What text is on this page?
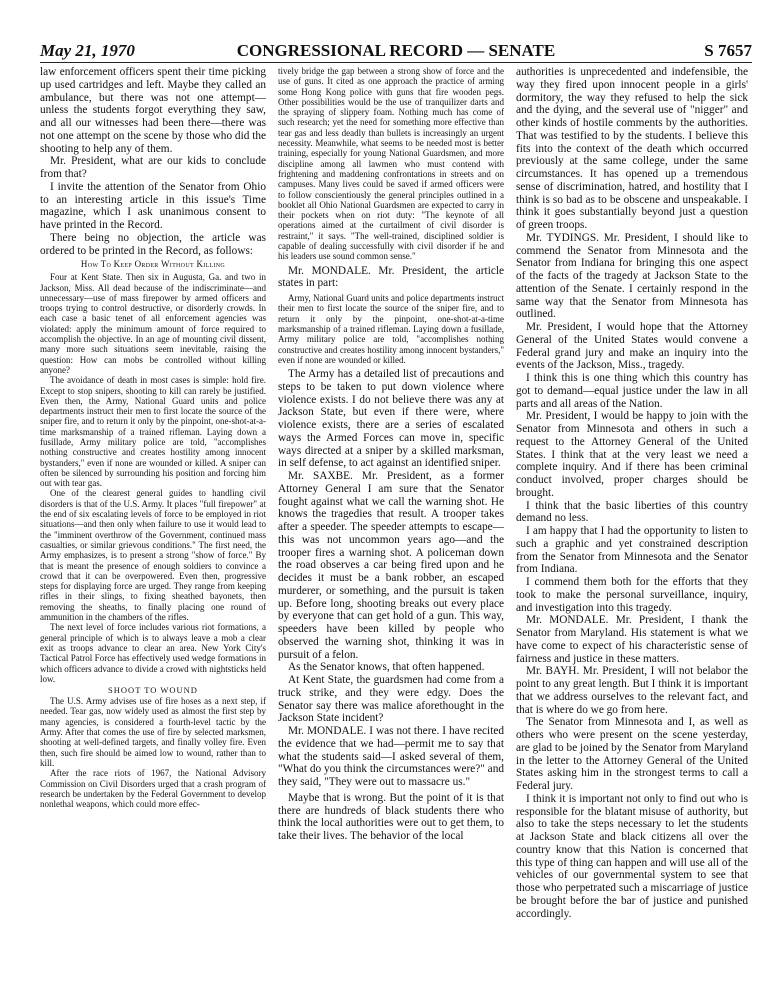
May 21, 1970	CONGRESSIONAL RECORD — SENATE	S 7657

law enforcement officers spent their time picking up used cartridges and left. Maybe they called an ambulance, but there was not one attempt—unless the students forgot everything they saw, and all our witnesses had been there—there was not one attempt on the scene by those who did the shooting to help any of them.

Mr. President, what are our kids to conclude from that?

I invite the attention of the Senator from Ohio to an interesting article in this issue's Time magazine, which I ask unanimous consent to have printed in the Record.

There being no objection, the article was ordered to be printed in the Record, as follows:

How To Keep Order Without Killing

Four at Kent State. Then six in Augusta, Ga. and two in Jackson, Miss. All dead because of the indiscriminate—and unnecessary—use of mass firepower by armed officers and troops trying to control destructive, or disorderly crowds. In each case a basic tenet of all enforcement agencies was violated: apply the minimum amount of force required to accomplish the objective. In an age of mounting civil dissent, many more such situations seem inevitable, raising the question: How can mobs be controlled without killing anyone?

The avoidance of death in most cases is simple: hold fire. Except to stop snipers, shooting to kill can rarely be justified. Even then, the Army, National Guard units and police departments instruct their men to first locate the source of the sniper fire, and to return it only by the pinpoint, one-shot-at-a-time marksmanship of a trained rifleman. Laying down a fusillade, Army military police are told, "accomplishes nothing constructive and creates hostility among innocent bystanders," even if none are wounded or killed. A sniper can often be silenced by surrounding his position and forcing him out with tear gas.

One of the clearest general guides to handling civil disorders is that of the U.S. Army. It places "full firepower" at the end of six escalating levels of force to be employed in riot situations—and then only when failure to use it would lead to the "imminent overthrow of the Government, continued mass casualties, or similar grievous conditions." The first need, the Army emphasizes, is to present a strong "show of force." By that is meant the presence of enough soldiers to convince a crowd that it can be overpowered. Even then, progressive steps for displaying force are urged. They range from keeping rifles in their slings, to fixing sheathed bayonets, then removing the sheaths, to finally placing one round of ammunition in the chambers of the rifles.

The next level of force includes various riot formations, a general principle of which is to always leave a mob a clear exit as troops advance to clear an area. New York City's Tactical Patrol Force has effectively used wedge formations in which officers advance to divide a crowd with nightsticks held low.

SHOOT TO WOUND

The U.S. Army advises use of fire hoses as a next step, if needed. Tear gas, now widely used as almost the first step by many agencies, is considered a fourth-level tactic by the Army. After that comes the use of fire by selected marksmen, shooting at well-defined targets, and finally volley fire. Even then, such fire should be aimed low to wound, rather than to kill.

After the race riots of 1967, the National Advisory Commission on Civil Disorders urged that a crash program of research be undertaken by the Federal Government to develop nonlethal weapons, which could more effec-

tively bridge the gap between a strong show of force and the use of guns. It cited as one approach the practice of arming some Hong Kong police with guns that fire wooden pegs. Other possibilities would be the use of tranquilizer darts and the spraying of slippery foam. Nothing much has come of such research; yet the need for something more effective than tear gas and less deadly than bullets is increasingly an urgent necessity. Meanwhile, what seems to be needed most is better training, especially for young National Guardsmen, and more discipline among all lawmen who must contend with frightening and maddening confrontations in streets and on campuses. Many lives could be saved if armed officers were to follow conscientiously the general principles outlined in a booklet all Ohio National Guardsmen are expected to carry in their pockets when on riot duty: "The keynote of all operations aimed at the curtailment of civil disorder is restraint," it says. "The well-trained, disciplined soldier is capable of dealing successfully with civil disorder if he and his leaders use sound common sense."

Mr. MONDALE. Mr. President, the article states in part:

Army, National Guard units and police departments instruct their men to first locate the source of the sniper fire, and to return it only by the pinpoint, one-shot-at-a-time marksmanship of a trained rifleman. Laying down a fusillade, Army military police are told, "accomplishes nothing constructive and creates hostility among innocent bystanders," even if none are wounded or killed.

The Army has a detailed list of precautions and steps to be taken to put down violence where violence exists. I do not believe there was any at Jackson State, but even if there were, where violence exists, there are a series of escalated ways the Armed Forces can move in, specific ways directed at a sniper by a skilled marksman, in self defense, to act against an identified sniper.

Mr. SAXBE. Mr. President, as a former Attorney General I am sure that the Senator fought against what we call the warning shot. He knows the tragedies that result. A trooper takes after a speeder. The speeder attempts to escape—this was not uncommon years ago—and the trooper fires a warning shot. A policeman down the road observes a car being fired upon and he decides it must be a bank robber, an escaped murderer, or something, and the pursuit is taken up. Before long, shooting breaks out every place by everyone that can get hold of a gun. This way, speeders have been killed by people who observed the warning shot, thinking it was in pursuit of a felon.

As the Senator knows, that often happened.

At Kent State, the guardsmen had come from a truck strike, and they were edgy. Does the Senator say there was malice aforethought in the Jackson State incident?

Mr. MONDALE. I was not there. I have recited the evidence that we had—permit me to say that what the students said—I asked several of them, "What do you think the circumstances were?" and they said, "They were out to massacre us."

Maybe that is wrong. But the point of it is that there are hundreds of black students there who think the local authorities were out to get them, to take their lives. The behavior of the local

authorities is unprecedented and indefensible, the way they fired upon innocent people in a girls' dormitory, the way they refused to help the sick and the dying, and the several use of "nigger" and other kinds of hostile comments by the authorities. That was testified to by the students. I believe this fits into the context of the death which occurred previously at the same college, under the same circumstances. It has opened up a tremendous sense of discrimination, hatred, and hostility that I think is so bad as to be obscene and unspeakable. I think it goes substantially beyond just a question of green troops.

Mr. TYDINGS. Mr. President, I should like to commend the Senator from Minnesota and the Senator from Indiana for bringing this one aspect of the facts of the tragedy at Jackson State to the attention of the Senate. I certainly respond in the same way that the Senator from Minnesota has outlined.

Mr. President, I would hope that the Attorney General of the United States would convene a Federal grand jury and make an inquiry into the events of the Jackson, Miss., tragedy.

I think this is one thing which this country has got to demand—equal justice under the law in all parts and all areas of the Nation.

Mr. President, I would be happy to join with the Senator from Minnesota and others in such a request to the Attorney General of the United States. I think that at the very least we need a complete inquiry. And if there has been criminal conduct involved, proper charges should be brought.

I think that the basic liberties of this country demand no less.

I am happy that I had the opportunity to listen to such a graphic and yet constrained description from the Senator from Minnesota and the Senator from Indiana.

I commend them both for the efforts that they took to make the personal surveillance, inquiry, and investigation into this tragedy.

Mr. MONDALE. Mr. President, I thank the Senator from Maryland. His statement is what we have come to expect of his characteristic sense of fairness and justice in these matters.

Mr. BAYH. Mr. President, I will not belabor the point to any great length. But I think it is important that we address ourselves to the relevant fact, and that is where do we go from here.

The Senator from Minnesota and I, as well as others who were present on the scene yesterday, are glad to be joined by the Senator from Maryland in the letter to the Attorney General of the United States asking him in the strongest terms to call a Federal jury.

I think it is important not only to find out who is responsible for the blatant misuse of authority, but also to take the steps necessary to let the students at Jackson State and black citizens all over the country know that this Nation is concerned that this type of thing can happen and will use all of the vehicles of our governmental system to see that those who perpetrated such a miscarriage of justice be brought before the bar of justice and punished accordingly.
